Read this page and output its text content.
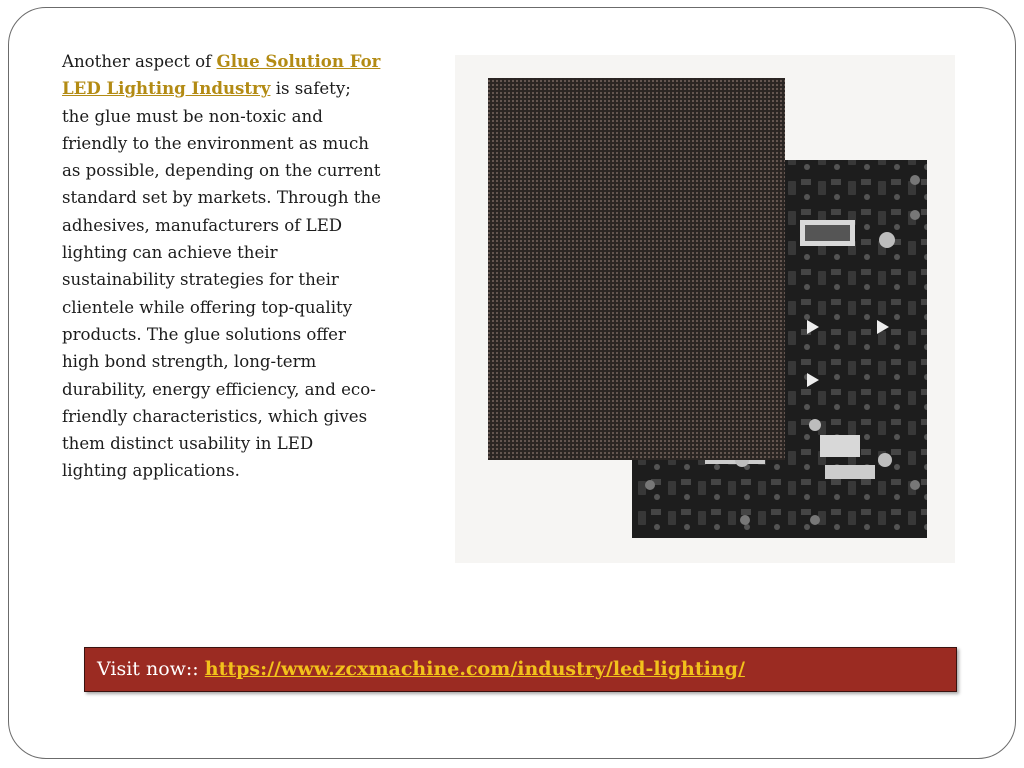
Another aspect of Glue Solution For LED Lighting Industry is safety; the glue must be non-toxic and friendly to the environment as much as possible, depending on the current standard set by markets. Through the adhesives, manufacturers of LED lighting can achieve their sustainability strategies for their clientele while offering top-quality products. The glue solutions offer high bond strength, long-term durability, energy efficiency, and eco-friendly characteristics, which gives them distinct usability in LED lighting applications.

Visit now:: https://www.zcxmachine.com/industry/led-lighting/
